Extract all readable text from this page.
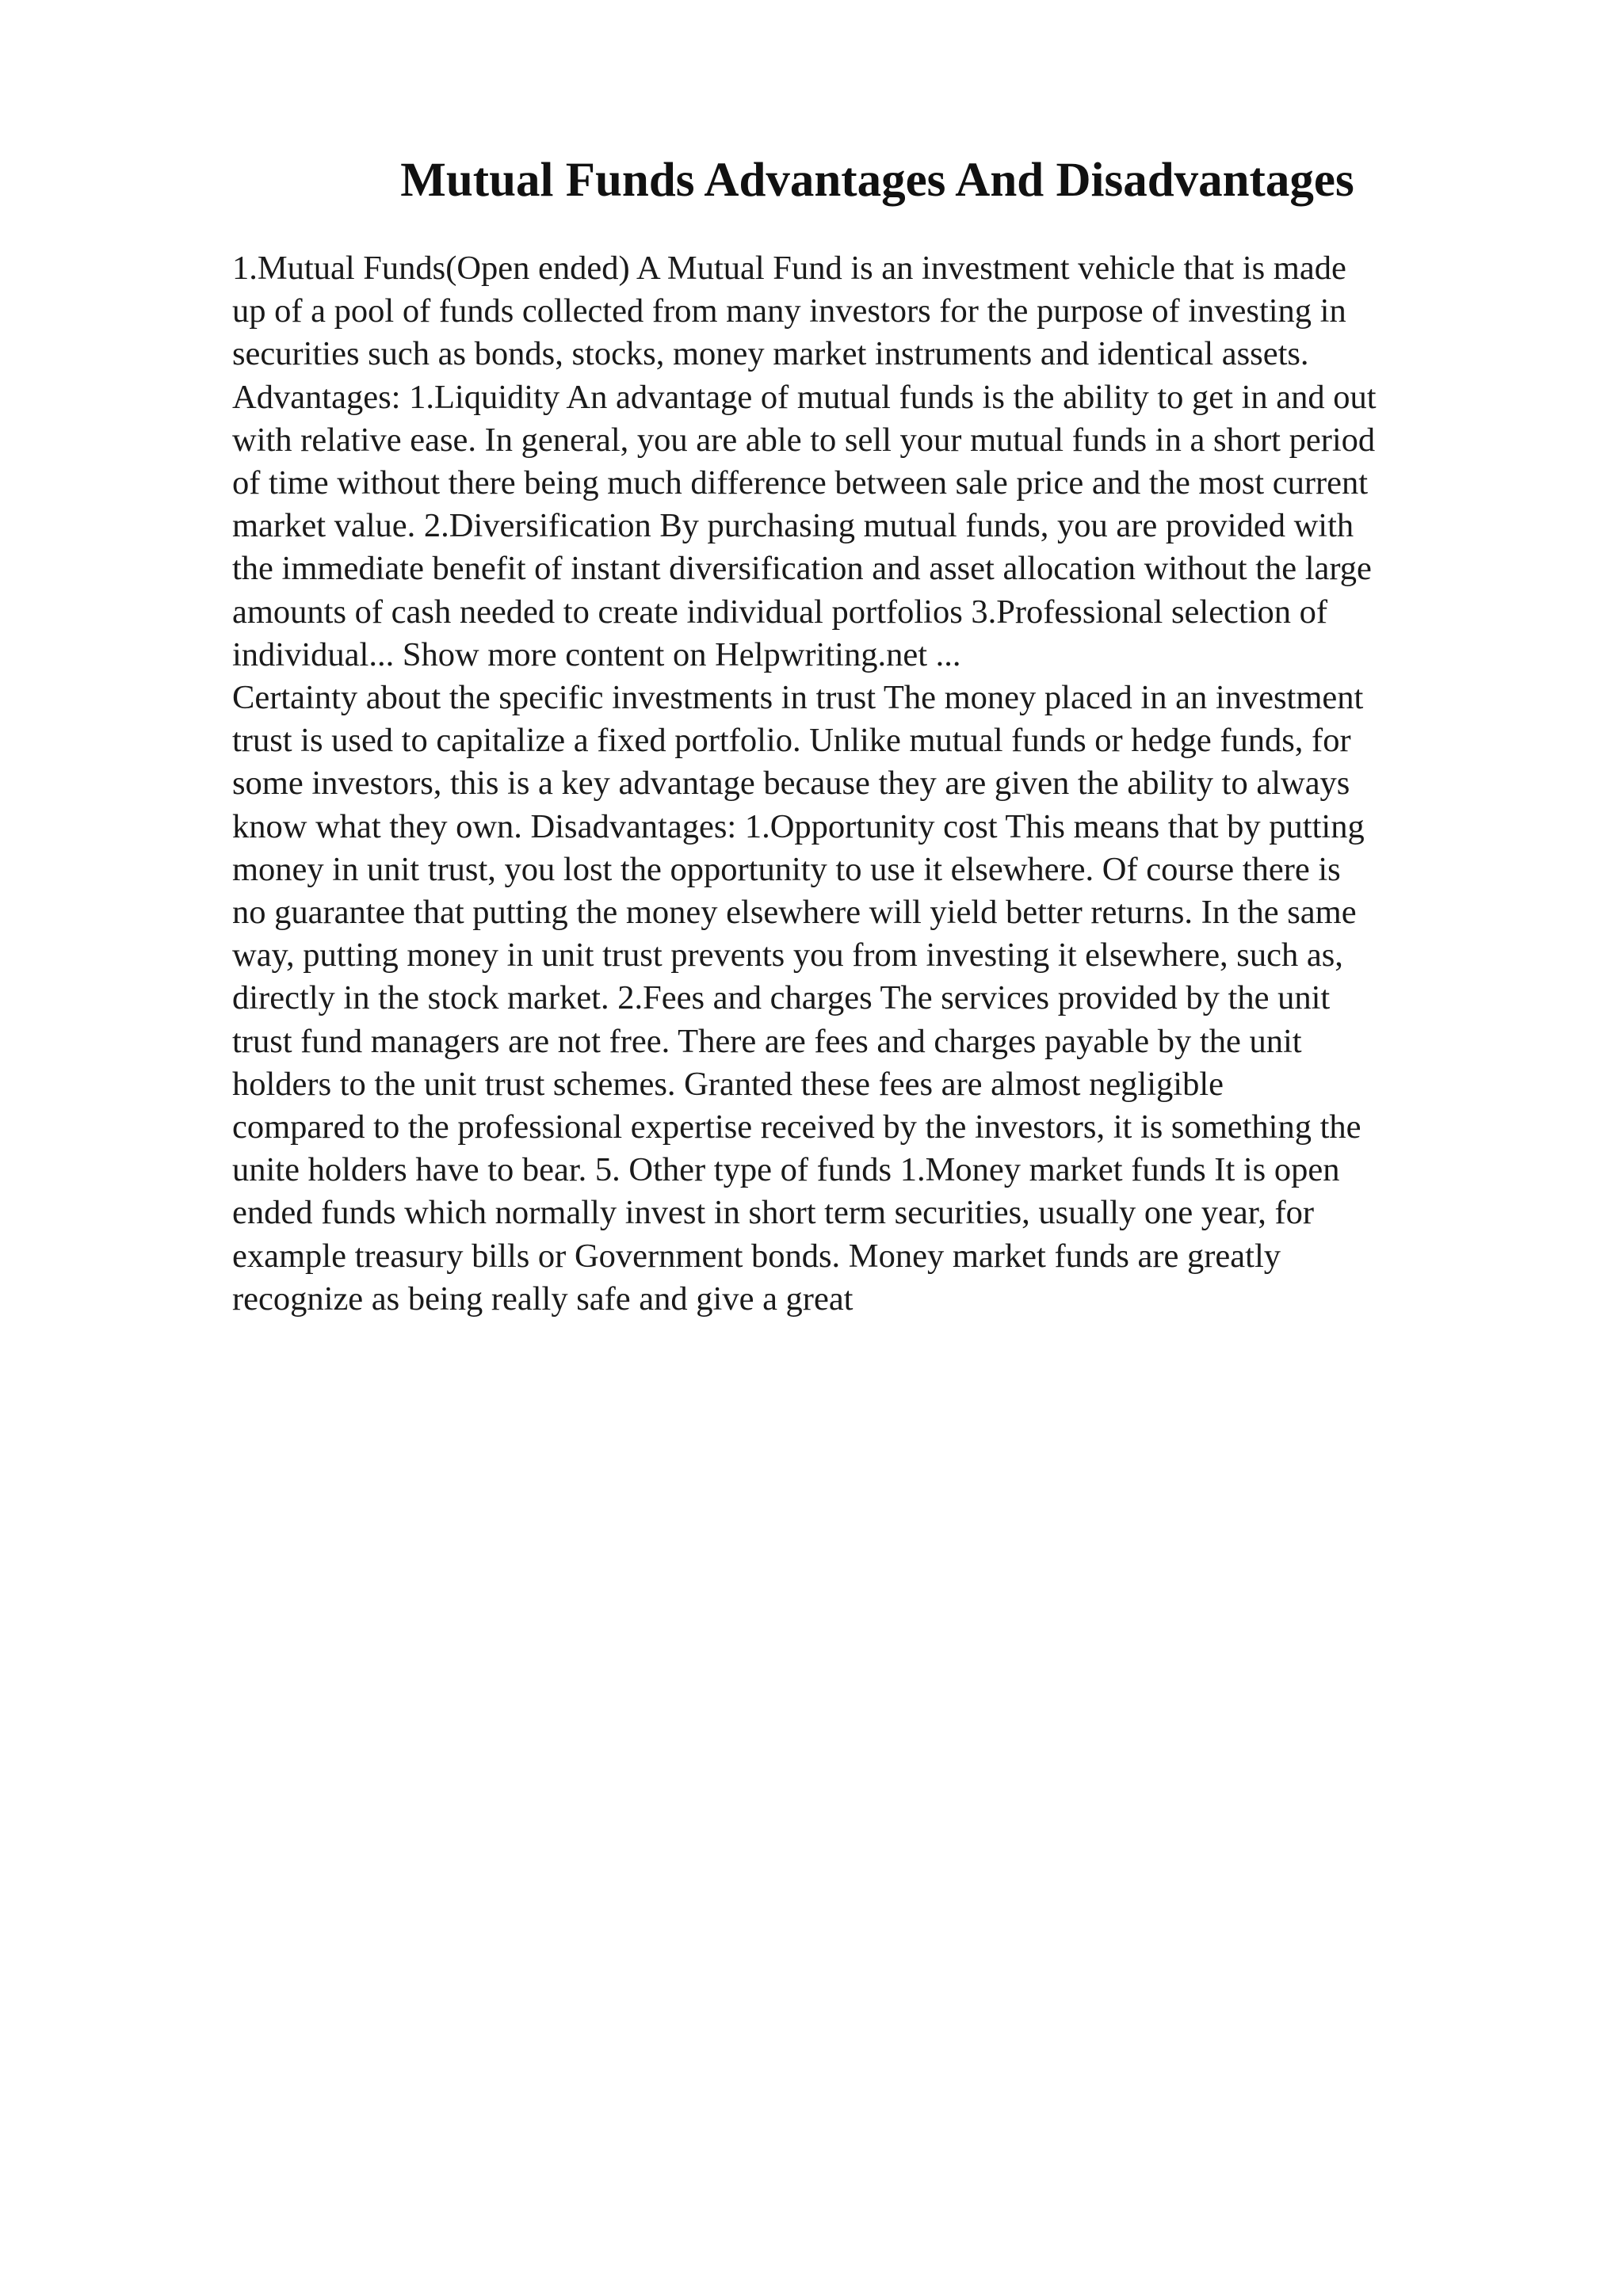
Mutual Funds Advantages And Disadvantages
1.Mutual Funds(Open ended) A Mutual Fund is an investment vehicle that is made
up of a pool of funds collected from many investors for the purpose of investing in
securities such as bonds, stocks, money market instruments and identical assets.
Advantages: 1.Liquidity An advantage of mutual funds is the ability to get in and out
with relative ease. In general, you are able to sell your mutual funds in a short period
of time without there being much difference between sale price and the most current
market value. 2.Diversification By purchasing mutual funds, you are provided with
the immediate benefit of instant diversification and asset allocation without the large
amounts of cash needed to create individual portfolios 3.Professional selection of
individual... Show more content on Helpwriting.net ...
Certainty about the specific investments in trust The money placed in an investment
trust is used to capitalize a fixed portfolio. Unlike mutual funds or hedge funds, for
some investors, this is a key advantage because they are given the ability to always
know what they own. Disadvantages: 1.Opportunity cost This means that by putting
money in unit trust, you lost the opportunity to use it elsewhere. Of course there is
no guarantee that putting the money elsewhere will yield better returns. In the same
way, putting money in unit trust prevents you from investing it elsewhere, such as,
directly in the stock market. 2.Fees and charges The services provided by the unit
trust fund managers are not free. There are fees and charges payable by the unit
holders to the unit trust schemes. Granted these fees are almost negligible
compared to the professional expertise received by the investors, it is something the
unite holders have to bear. 5. Other type of funds 1.Money market funds It is open
ended funds which normally invest in short term securities, usually one year, for
example treasury bills or Government bonds. Money market funds are greatly
recognize as being really safe and give a great
